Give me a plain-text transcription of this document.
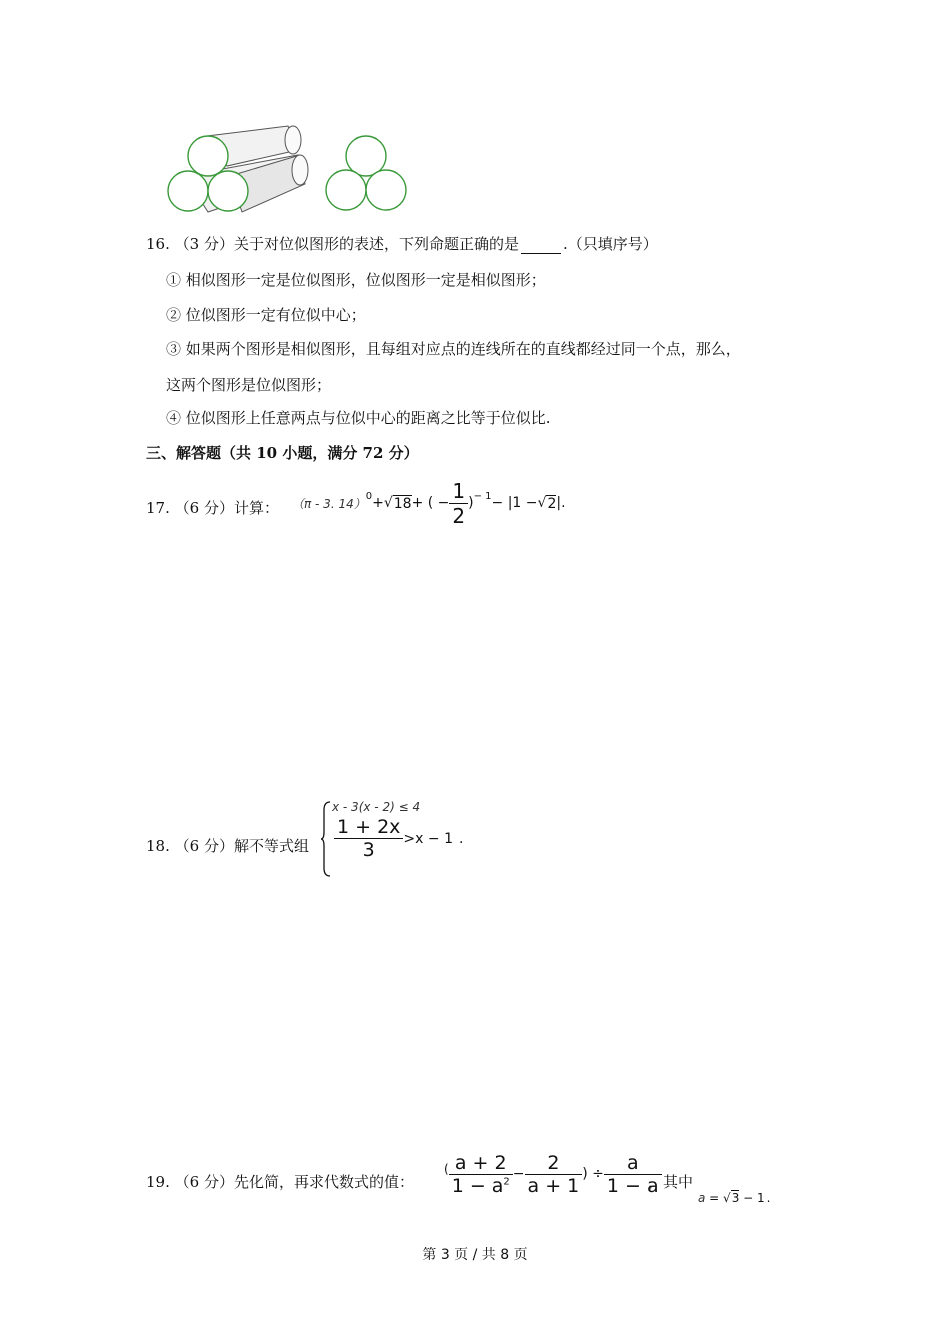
16. （3 分）关于对位似图形的表述，下列命题正确的是	.（只填序号）
① 相似图形一定是位似图形，位似图形一定是相似图形；
② 位似图形一定有位似中心；
③ 如果两个图形是相似图形，且每组对应点的连线所在的直线都经过同一个点，那么，
这两个图形是位似图形；
④ 位似图形上任意两点与位似中心的距离之比等于位似比.
三、解答题（共 10 小题，满分 72 分）
17. （6 分）计算： （π - 3. 14）
0 + √ 18 + ( − $\frac{1}{2}$ ) − 1 − |1 − √ 2 | .
18. （6 分）解不等式组
x - 3(x - 2) ≤ 4
$\frac{1 + 2x}{3} >x - 1$ .
19. （6 分）先化简，再求代数式的值：
( $\frac{a + 2}{1 - a^2} - \frac{2}{a + 1}$ ) ÷ $\frac{a}{1 - a}$
，其中
a = √3 − 1 .
第 3 页 / 共 8 页
